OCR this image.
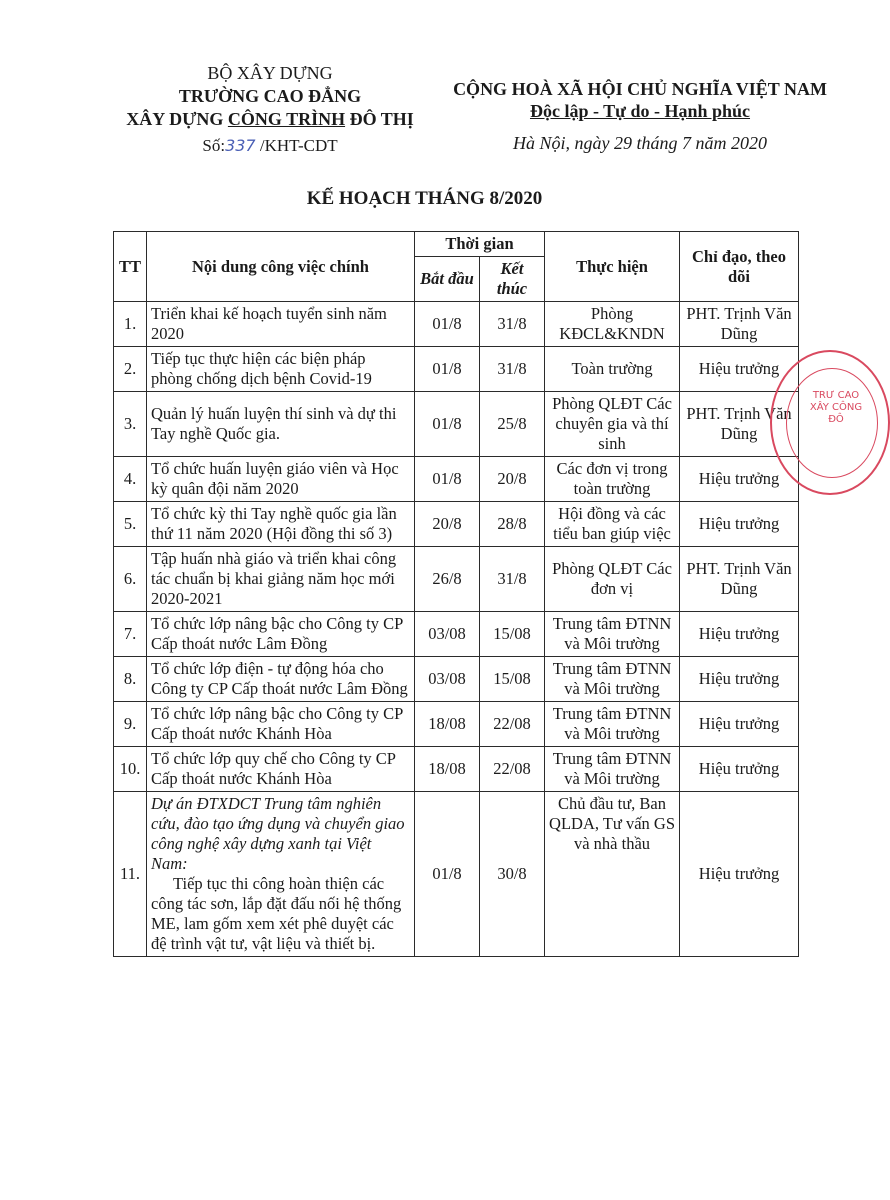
BỘ XÂY DỰNG
TRƯỜNG CAO ĐẲNG
XÂY DỰNG CÔNG TRÌNH ĐÔ THỊ
Số:337 /KHT-CDT
CỘNG HOÀ XÃ HỘI CHỦ NGHĨA VIỆT NAM
Độc lập - Tự do - Hạnh phúc
Hà Nội, ngày 29 tháng 7 năm 2020
KẾ HOẠCH THÁNG 8/2020
TT	Nội dung công việc chính	Thời gian		Thực hiện	Chỉ đạo, theo dõi
		Bắt đầu	Kết thúc		
1.	Triển khai kế hoạch tuyển sinh năm 2020	01/8	31/8	Phòng KĐCL&KNDN	PHT. Trịnh Văn Dũng
2.	Tiếp tục thực hiện các biện pháp phòng chống dịch bệnh Covid-19	01/8	31/8	Toàn trường	Hiệu trưởng
3.	Quản lý huấn luyện thí sinh và dự thi Tay nghề Quốc gia.	01/8	25/8	Phòng QLĐT Các chuyên gia và thí sinh	PHT. Trịnh Văn Dũng
4.	Tổ chức huấn luyện giáo viên và Học kỳ quân đội năm 2020	01/8	20/8	Các đơn vị trong toàn trường	Hiệu trưởng
5.	Tổ chức kỳ thi Tay nghề quốc gia lần thứ 11 năm 2020 (Hội đồng thi số 3)	20/8	28/8	Hội đồng và các tiểu ban giúp việc	Hiệu trưởng
6.	Tập huấn nhà giáo và triển khai công tác chuẩn bị khai giảng năm học mới 2020-2021	26/8	31/8	Phòng QLĐT Các đơn vị	PHT. Trịnh Văn Dũng
7.	Tổ chức lớp nâng bậc cho Công ty CP Cấp thoát nước Lâm Đồng	03/08	15/08	Trung tâm ĐTNN và Môi trường	Hiệu trưởng
8.	Tổ chức lớp điện - tự động hóa cho Công ty CP Cấp thoát nước Lâm Đồng	03/08	15/08	Trung tâm ĐTNN và Môi trường	Hiệu trưởng
9.	Tổ chức lớp nâng bậc cho Công ty CP Cấp thoát nước Khánh Hòa	18/08	22/08	Trung tâm ĐTNN và Môi trường	Hiệu trưởng
10.	Tổ chức lớp quy chế cho Công ty CP Cấp thoát nước Khánh Hòa	18/08	22/08	Trung tâm ĐTNN và Môi trường	Hiệu trưởng
11.	Dự án ĐTXDCT Trung tâm nghiên cứu, đào tạo ứng dụng và chuyển giao công nghệ xây dựng xanh tại Việt Nam:
Tiếp tục thi công hoàn thiện các công tác sơn, lắp đặt đấu nối hệ thống ME, lam gốm xem xét phê duyệt các đệ trình vật tư, vật liệu và thiết bị.	01/8	30/8	Chủ đầu tư, Ban QLDA, Tư vấn GS và nhà thầu	Hiệu trưởng
TRƯ CAO XÂY CÔNG ĐÔ
